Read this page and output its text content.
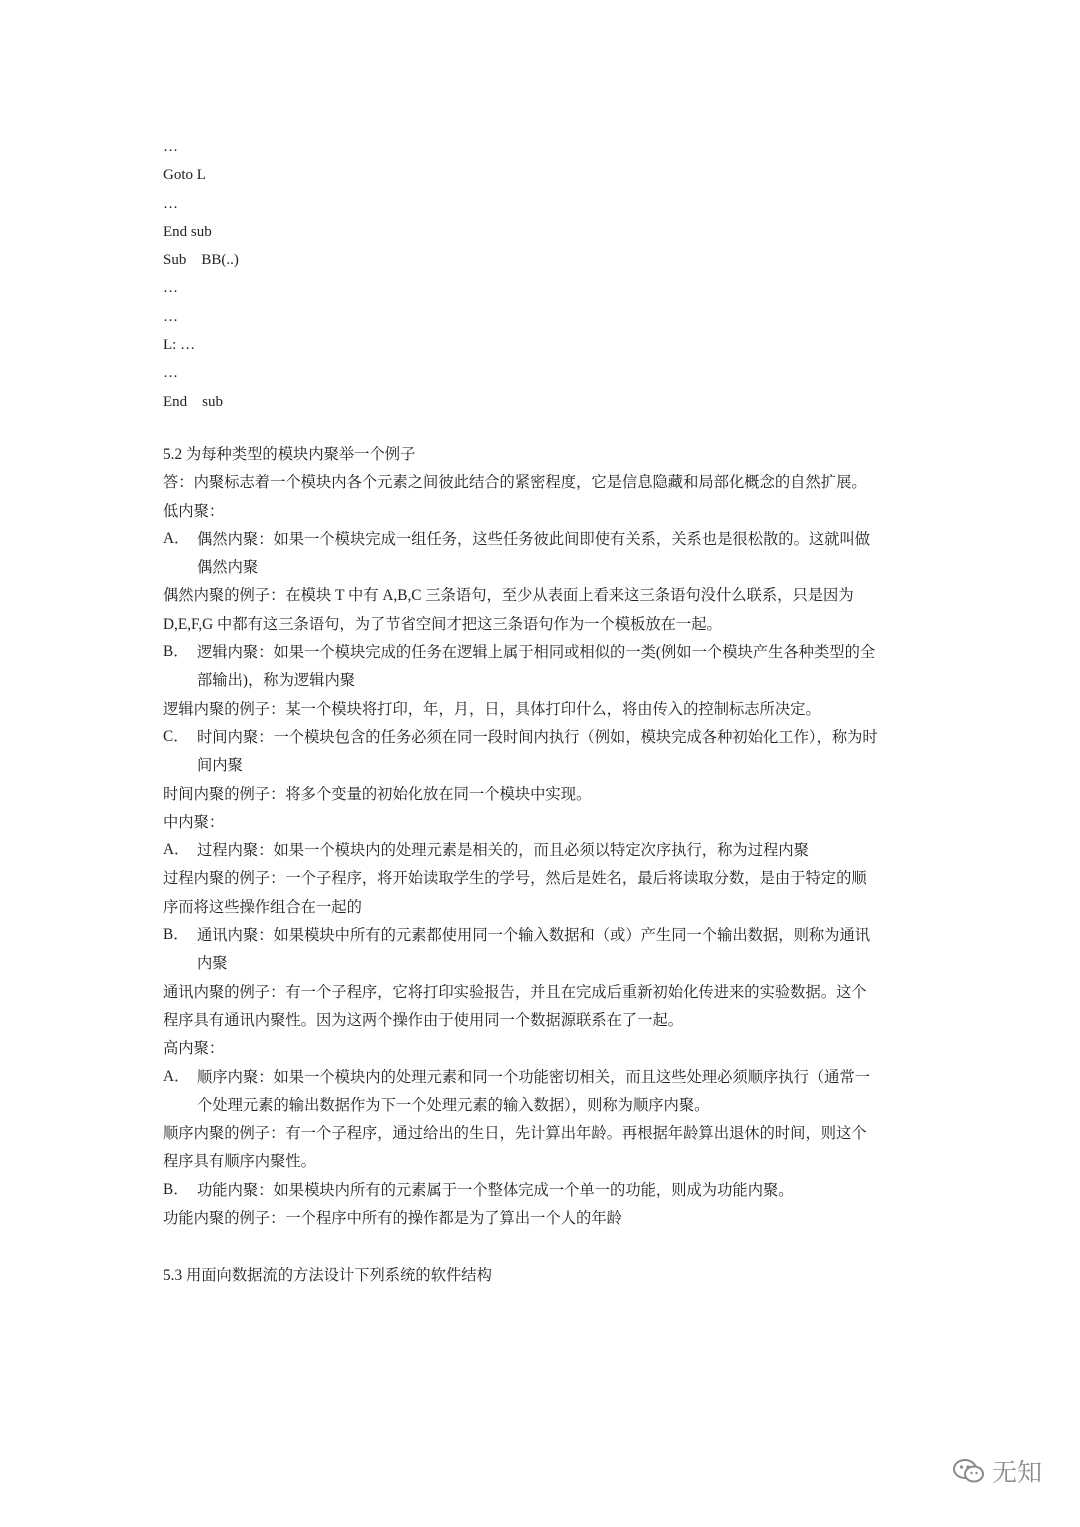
…
Goto L
…
End sub
Sub    BB(..)
…
…
L: …
…
End    sub
5.2 为每种类型的模块内聚举一个例子
答：内聚标志着一个模块内各个元素之间彼此结合的紧密程度，它是信息隐藏和局部化概念的自然扩展。
低内聚：
A． 偶然内聚：如果一个模块完成一组任务，这些任务彼此间即使有关系，关系也是很松散的。这就叫做
偶然内聚
偶然内聚的例子：在模块 T 中有 A,B,C 三条语句，至少从表面上看来这三条语句没什么联系，只是因为
D,E,F,G 中都有这三条语句，为了节省空间才把这三条语句作为一个模板放在一起。
B． 逻辑内聚：如果一个模块完成的任务在逻辑上属于相同或相似的一类(例如一个模块产生各种类型的全
部输出)，称为逻辑内聚
逻辑内聚的例子：某一个模块将打印，年，月，日，具体打印什么，将由传入的控制标志所决定。
C． 时间内聚：一个模块包含的任务必须在同一段时间内执行（例如，模块完成各种初始化工作），称为时
间内聚
时间内聚的例子：将多个变量的初始化放在同一个模块中实现。
中内聚：
A． 过程内聚：如果一个模块内的处理元素是相关的，而且必须以特定次序执行，称为过程内聚
过程内聚的例子：一个子程序，将开始读取学生的学号，然后是姓名，最后将读取分数，是由于特定的顺
序而将这些操作组合在一起的
B． 通讯内聚：如果模块中所有的元素都使用同一个输入数据和（或）产生同一个输出数据，则称为通讯
内聚
通讯内聚的例子：有一个子程序，它将打印实验报告，并且在完成后重新初始化传进来的实验数据。这个
程序具有通讯内聚性。因为这两个操作由于使用同一个数据源联系在了一起。
高内聚：
A． 顺序内聚：如果一个模块内的处理元素和同一个功能密切相关，而且这些处理必须顺序执行（通常一
个处理元素的输出数据作为下一个处理元素的输入数据），则称为顺序内聚。
顺序内聚的例子：有一个子程序，通过给出的生日，先计算出年龄。再根据年龄算出退休的时间，则这个
程序具有顺序内聚性。
B． 功能内聚：如果模块内所有的元素属于一个整体完成一个单一的功能，则成为功能内聚。
功能内聚的例子：一个程序中所有的操作都是为了算出一个人的年龄
5.3 用面向数据流的方法设计下列系统的软件结构
无知
